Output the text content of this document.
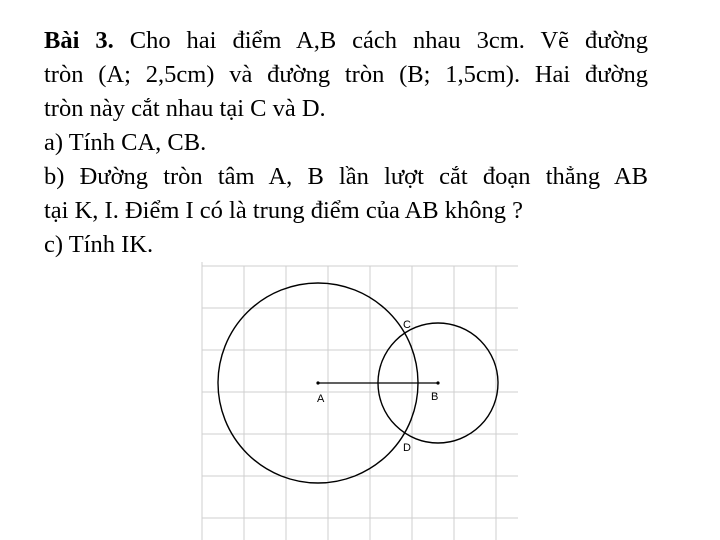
Bài 3. Cho hai điểm A,B cách nhau 3cm. Vẽ đường
tròn (A; 2,5cm) và đường tròn (B; 1,5cm). Hai đường
tròn này cắt nhau tại C và D.
a) Tính CA, CB.
b) Đường tròn tâm A, B lần lượt cắt đoạn thẳng AB
tại K, I. Điểm I có là trung điểm của AB không ?
c) Tính IK.
A	B
C
D
